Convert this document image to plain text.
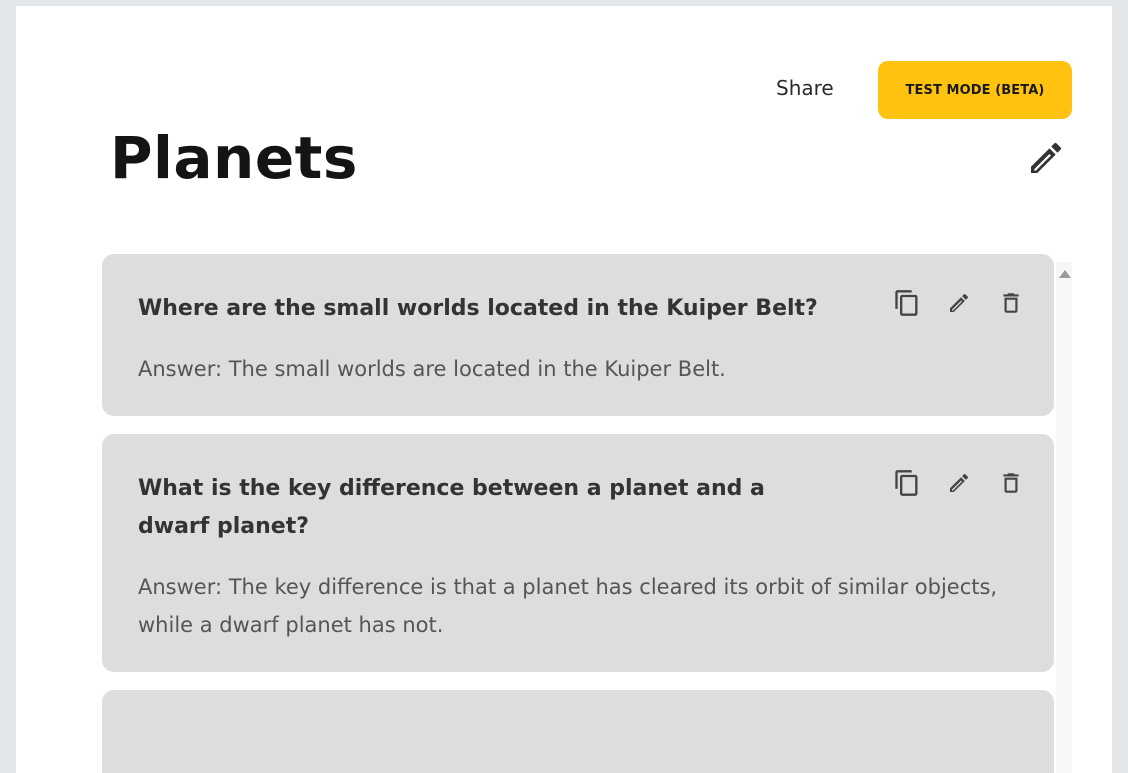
Share	TEST MODE (BETA)
Planets

Where are the small worlds located in the Kuiper Belt?

Answer: The small worlds are located in the Kuiper Belt.

What is the key difference between a planet and a dwarf planet?

Answer: The key difference is that a planet has cleared its orbit of similar objects, while a dwarf planet has not.
